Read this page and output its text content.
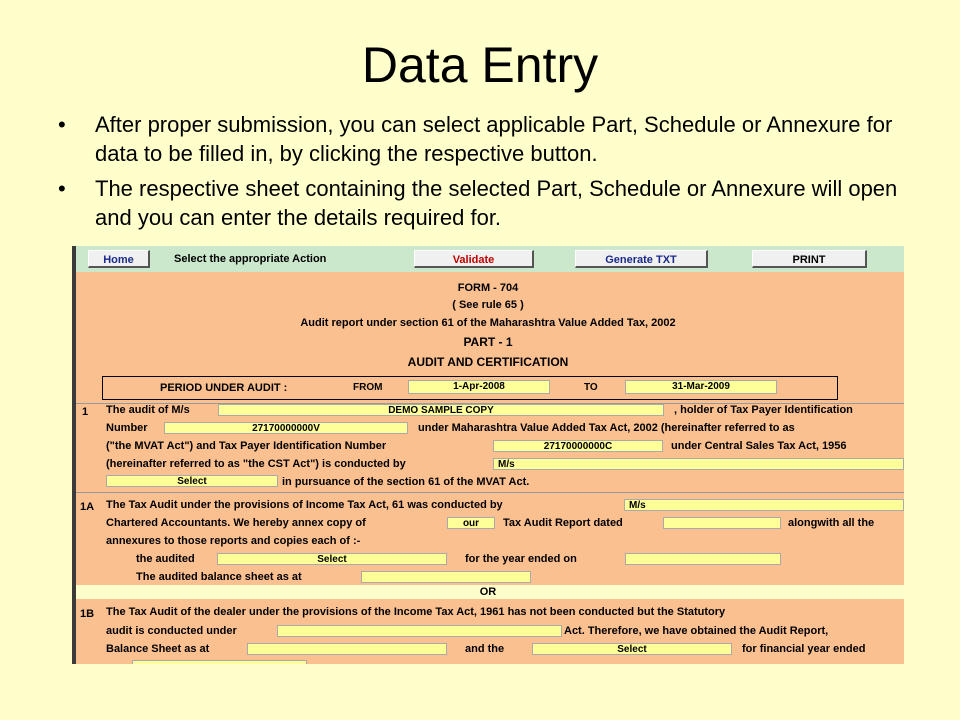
Data Entry
• After proper submission, you can select applicable Part, Schedule or Annexure for data to be filled in, by clicking the respective button.
• The respective sheet containing the selected Part, Schedule or Annexure will open and you can enter the details required for.
Home	Select the appropriate Action	Validate	Generate TXT	PRINT
FORM - 704
( See rule 65 )
Audit report under section 61 of the Maharashtra Value Added Tax, 2002
PART - 1
AUDIT AND CERTIFICATION
PERIOD UNDER AUDIT :	FROM	1-Apr-2008	TO	31-Mar-2009
1 The audit of M/s	DEMO SAMPLE COPY	, holder of Tax Payer Identification
Number	27170000000V	under Maharashtra Value Added Tax Act, 2002 (hereinafter referred to as
("the MVAT Act") and Tax Payer Identification Number	27170000000C	under Central Sales Tax Act, 1956
(hereinafter referred to as "the CST Act") is conducted by	M/s
Select	in pursuance of the section 61 of the MVAT Act.
1A The Tax Audit under the provisions of Income Tax Act, 61 was conducted by	M/s
Chartered Accountants. We hereby annex copy of	our	Tax Audit Report dated	alongwith all the
annexures to those reports and copies each of :-
the audited	Select	for the year ended on
The audited balance sheet as at
OR
1B The Tax Audit of the dealer under the provisions of the Income Tax Act, 1961 has not been conducted but the Statutory
audit is conducted under	Act. Therefore, we have obtained the Audit Report,
Balance Sheet as at	and the	Select	for financial year ended
